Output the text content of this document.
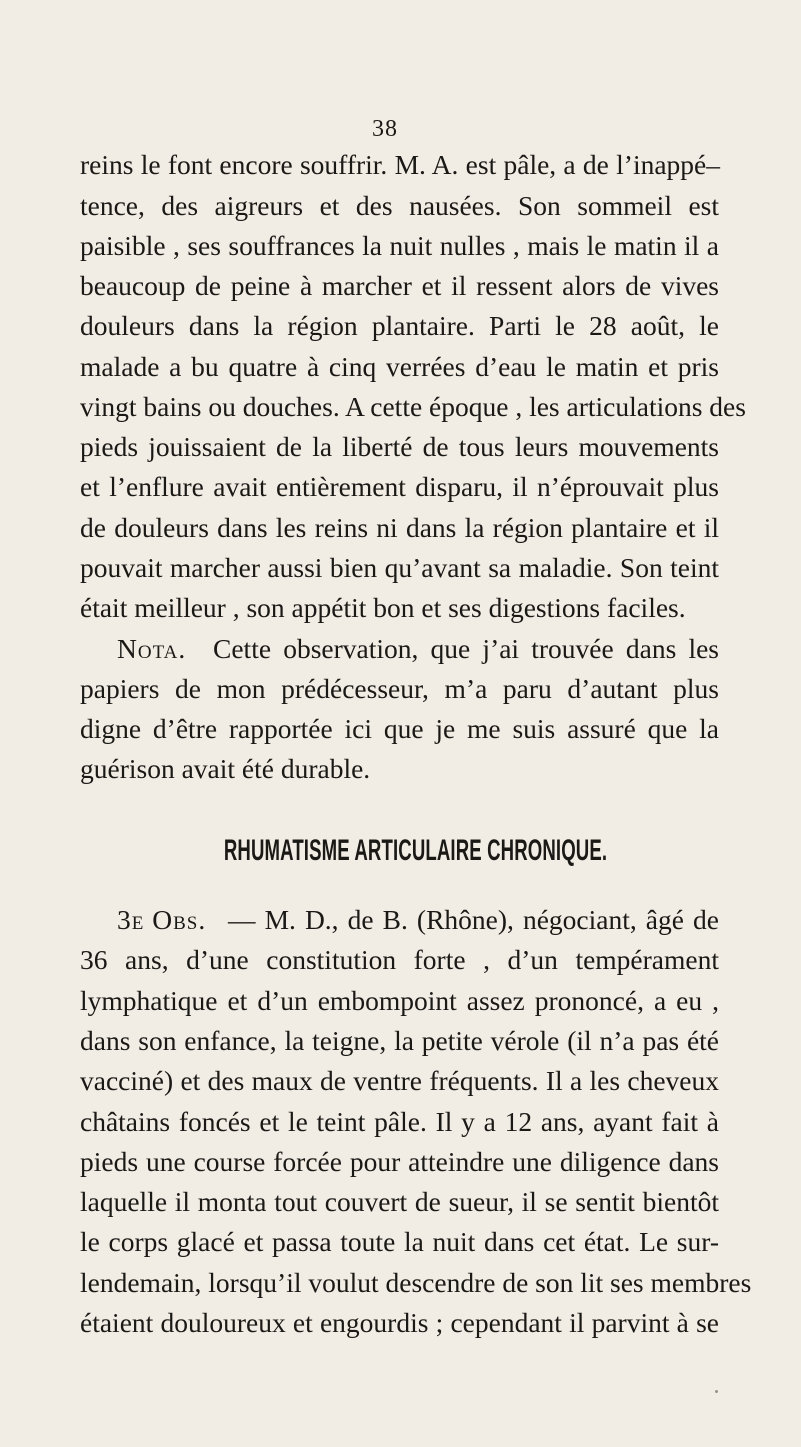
38
reins le font encore souffrir. M. A. est pâle, a de l’inappé–
tence, des aigreurs et des nausées. Son sommeil est
paisible , ses souffrances la nuit nulles , mais le matin il a
beaucoup de peine à marcher et il ressent alors de vives
douleurs dans la région plantaire. Parti le 28 août, le
malade a bu quatre à cinq verrées d’eau le matin et pris
vingt bains ou douches. A cette époque , les articulations des
pieds jouissaient de la liberté de tous leurs mouvements
et l’enflure avait entièrement disparu, il n’éprouvait plus
de douleurs dans les reins ni dans la région plantaire et il
pouvait marcher aussi bien qu’avant sa maladie. Son teint
était meilleur , son appétit bon et ses digestions faciles.
Nota. Cette observation, que j’ai trouvée dans les
papiers de mon prédécesseur, m’a paru d’autant plus
digne d’être rapportée ici que je me suis assuré que la
guérison avait été durable.
RHUMATISME ARTICULAIRE CHRONIQUE.
3e Obs. — M. D., de B. (Rhône), négociant, âgé de
36 ans, d’une constitution forte , d’un tempérament
lymphatique et d’un embompoint assez prononcé, a eu ,
dans son enfance, la teigne, la petite vérole (il n’a pas été
vacciné) et des maux de ventre fréquents. Il a les cheveux
châtains foncés et le teint pâle. Il y a 12 ans, ayant fait à
pieds une course forcée pour atteindre une diligence dans
laquelle il monta tout couvert de sueur, il se sentit bientôt
le corps glacé et passa toute la nuit dans cet état. Le sur-
lendemain, lorsqu’il voulut descendre de son lit ses membres
étaient douloureux et engourdis ; cependant il parvint à se
